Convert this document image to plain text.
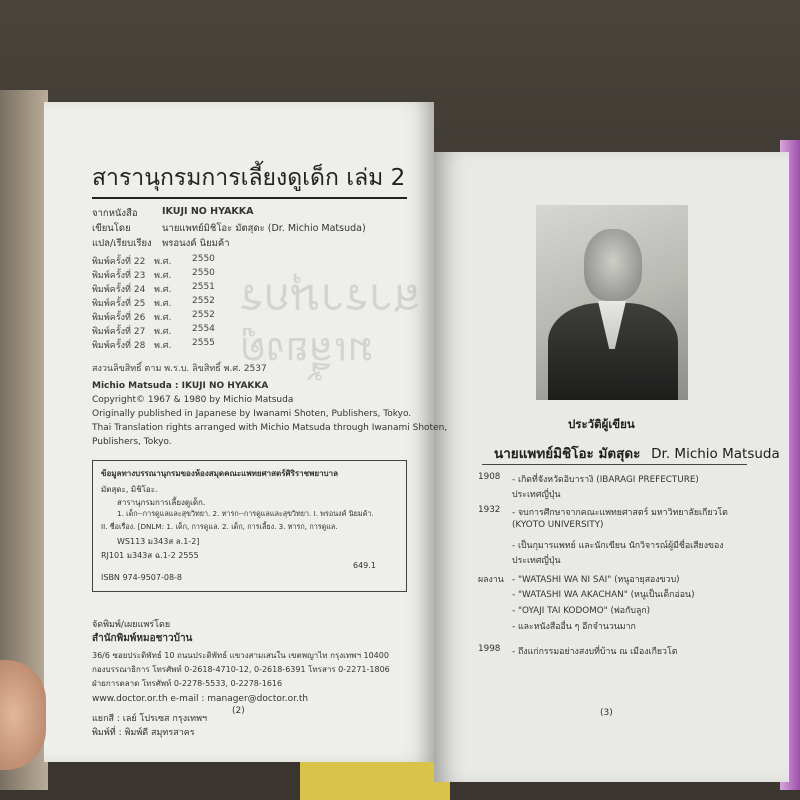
สารานุกร
มเลี้ยงดู
สารานุกรมการเลี้ยงดูเด็ก เล่ม 2
จากหนังสือ	IKUJI NO HYAKKA
เขียนโดย	นายแพทย์มิชิโอะ มัตสุดะ (Dr. Michio Matsuda)
แปล/เรียบเรียง พรอนงค์ นิยมค้า
พิมพ์ครั้งที่ 22 พ.ศ. 2550
พิมพ์ครั้งที่ 23 พ.ศ. 2550
พิมพ์ครั้งที่ 24 พ.ศ. 2551
พิมพ์ครั้งที่ 25 พ.ศ. 2552
พิมพ์ครั้งที่ 26 พ.ศ. 2552
พิมพ์ครั้งที่ 27 พ.ศ. 2554
พิมพ์ครั้งที่ 28 พ.ศ. 2555
สงวนลิขสิทธิ์ ตาม พ.ร.บ. ลิขสิทธิ์ พ.ศ. 2537
Michio Matsuda : IKUJI NO HYAKKA
Copyright© 1967 & 1980 by Michio Matsuda
Originally published in Japanese by Iwanami Shoten, Publishers, Tokyo.
Thai Translation rights arranged with Michio Matsuda through Iwanami Shoten,
Publishers, Tokyo.
ข้อมูลทางบรรณานุกรมของห้องสมุดคณะแพทยศาสตร์ศิริราชพยาบาล
มัตสุดะ, มิชิโอะ.
สารานุกรมการเลี้ยงดูเด็ก.
1. เด็ก--การดูแลและสุขวิทยา. 2. ทารก--การดูแลและสุขวิทยา. I. พรอนงค์ นิยมค้า.
II. ชื่อเรื่อง. [DNLM: 1. เด็ก, การดูแล. 2. เด็ก, การเลี้ยง. 3. ทารก, การดูแล.
WS113 ม343ส ล.1-2]
RJ101 ม343ส ฉ.1-2 2555
649.1
ISBN 974-9507-08-8
จัดพิมพ์/เผยแพร่โดย
สำนักพิมพ์หมอชาวบ้าน
36/6 ซอยประดิพัทธ์ 10 ถนนประดิพัทธ์ แขวงสามเสนใน เขตพญาไท กรุงเทพฯ 10400
กองบรรณาธิการ โทรศัพท์ 0-2618-4710-12, 0-2618-6391 โทรสาร 0-2271-1806
ฝ่ายการตลาด โทรศัพท์ 0-2278-5533, 0-2278-1616
www.doctor.or.th e-mail : manager@doctor.or.th
แยกสี : เลย์ โปรเซส กรุงเทพฯ
พิมพ์ที่ : พิมพ์ดี สมุทรสาคร
(2)
ประวัติผู้เขียน
นายแพทย์มิชิโอะ มัตสุดะ Dr. Michio Matsuda
1908 - เกิดที่จังหวัดอิบารางิ (IBARAGI PREFECTURE)
ประเทศญี่ปุ่น
1932 - จบการศึกษาจากคณะแพทยศาสตร์ มหาวิทยาลัยเกียวโต
(KYOTO UNIVERSITY)
- เป็นกุมารแพทย์ และนักเขียน นักวิจารณ์ผู้มีชื่อเสียงของ
ประเทศญี่ปุ่น
ผลงาน - "WATASHI WA NI SAI" (หนูอายุสองขวบ)
- "WATASHI WA AKACHAN" (หนูเป็นเด็กอ่อน)
- "OYAJI TAI KODOMO" (พ่อกับลูก)
- และหนังสืออื่น ๆ อีกจำนวนมาก
1998 - ถึงแก่กรรมอย่างสงบที่บ้าน ณ เมืองเกียวโต
(3)
